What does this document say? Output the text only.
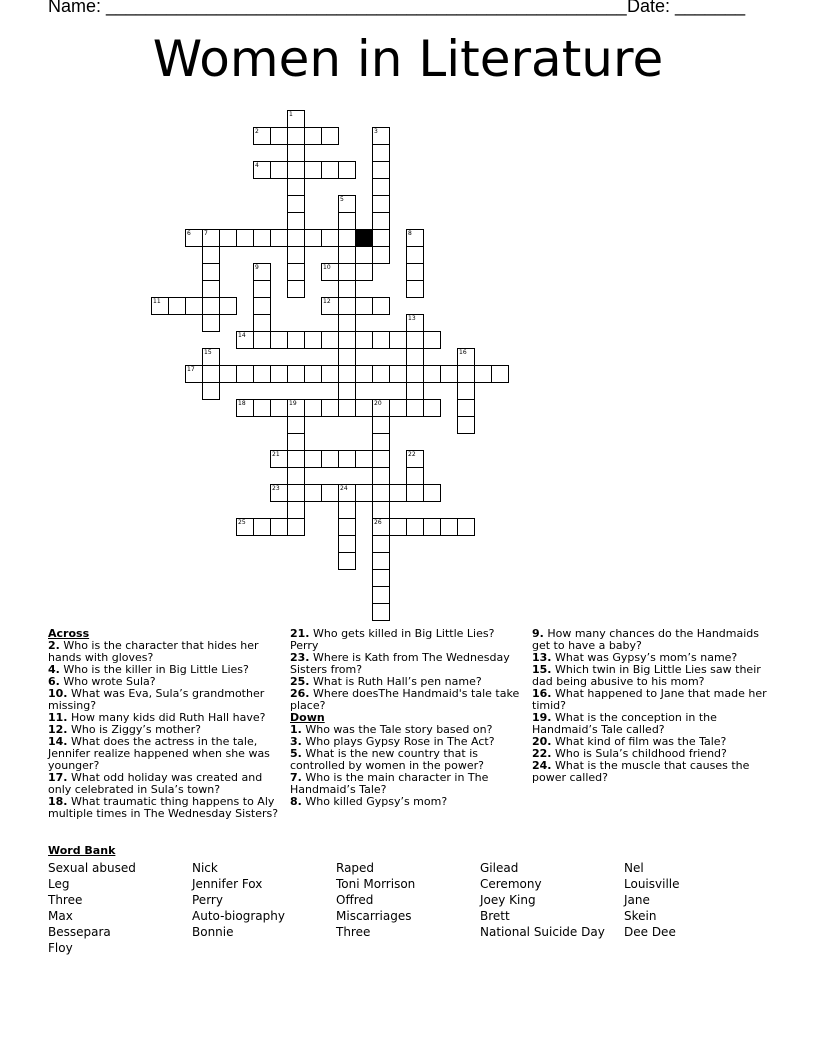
Name: ____________________________________________________ Date: _______
Women in Literature
1
2	3
4
5
6 7	8
9	10
11	12
13
14
15	16
17
18	19	20
26
21	22
23	24
25
Across
2. Who is the character that hides her hands with gloves?
4. Who is the killer in Big Little Lies?
6. Who wrote Sula?
10. What was Eva, Sula’s grandmother missing?
11. How many kids did Ruth Hall have?
12. Who is Ziggy’s mother?
14. What does the actress in the tale, Jennifer realize happened when she was younger?
17. What odd holiday was created and only celebrated in Sula’s town?
18. What traumatic thing happens to Aly multiple times in The Wednesday Sisters?
21. Who gets killed in Big Little Lies? Perry
23. Where is Kath from The Wednesday Sisters from?
25. What is Ruth Hall’s pen name?
26. Where doesThe Handmaid's tale take place?
Down
1. Who was the Tale story based on?
3. Who plays Gypsy Rose in The Act?
5. What is the new country that is controlled by women in the power?
7. Who is the main character in The Handmaid’s Tale?
8. Who killed Gypsy’s mom?
9. How many chances do the Handmaids get to have a baby?
13. What was Gypsy’s mom’s name?
15. Which twin in Big Little Lies saw their dad being abusive to his mom?
16. What happened to Jane that made her timid?
19. What is the conception in the Handmaid’s Tale called?
20. What kind of film was the Tale?
22. Who is Sula’s childhood friend?
24. What is the muscle that causes the power called?
Word Bank
Sexual abused
Leg
Three
Max
Bessepara
Floy
Nick
Jennifer Fox
Perry
Auto-biography
Bonnie
Raped
Toni Morrison
Offred
Miscarriages
Three
Gilead
Ceremony
Joey King
Brett
National Suicide Day
Nel
Louisville
Jane
Skein
Dee Dee
